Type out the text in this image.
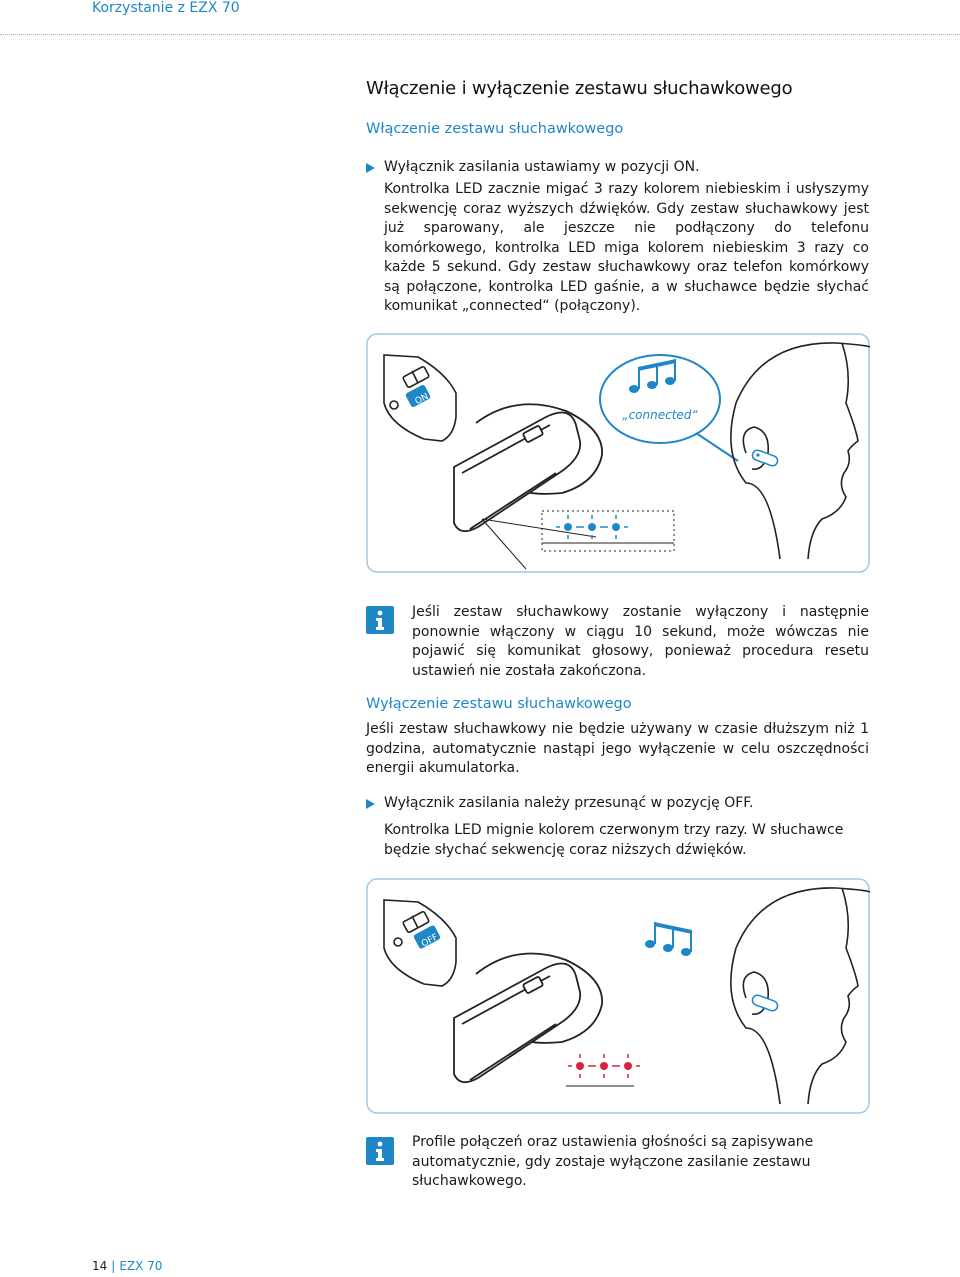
Korzystanie z EZX 70
Włączenie i wyłączenie zestawu słuchawkowego
Włączenie zestawu słuchawkowego
Wyłącznik zasilania ustawiamy w pozycji ON.
Kontrolka LED zacznie migać 3 razy kolorem niebieskim i usłyszymy sekwencję coraz wyższych dźwięków. Gdy zestaw słuchawkowy jest już sparowany, ale jeszcze nie podłączony do telefonu komórkowego, kontrolka LED miga kolorem niebieskim 3 razy co każde 5 sekund. Gdy zestaw słuchawkowy oraz telefon komórkowy są połączone, kontrolka LED gaśnie, a w słuchawce będzie słychać komunikat „connected“ (połączony).
ON
„connected“
Jeśli zestaw słuchawkowy zostanie wyłączony i następnie ponownie włączony w ciągu 10 sekund, może wówczas nie pojawić się komunikat głosowy, ponieważ procedura resetu ustawień nie została zakończona.
Wyłączenie zestawu słuchawkowego
Jeśli zestaw słuchawkowy nie będzie używany w czasie dłuższym niż 1 godzina, automatycznie nastąpi jego wyłączenie w celu oszczędności energii akumulatorka.
Wyłącznik zasilania należy przesunąć w pozycję OFF.
Kontrolka LED mignie kolorem czerwonym trzy razy. W słuchawce będzie słychać sekwencję coraz niższych dźwięków.
OFF
Profile połączeń oraz ustawienia głośności są zapisywane automatycznie, gdy zostaje wyłączone zasilanie zestawu słuchawkowego.
14 | EZX 70
